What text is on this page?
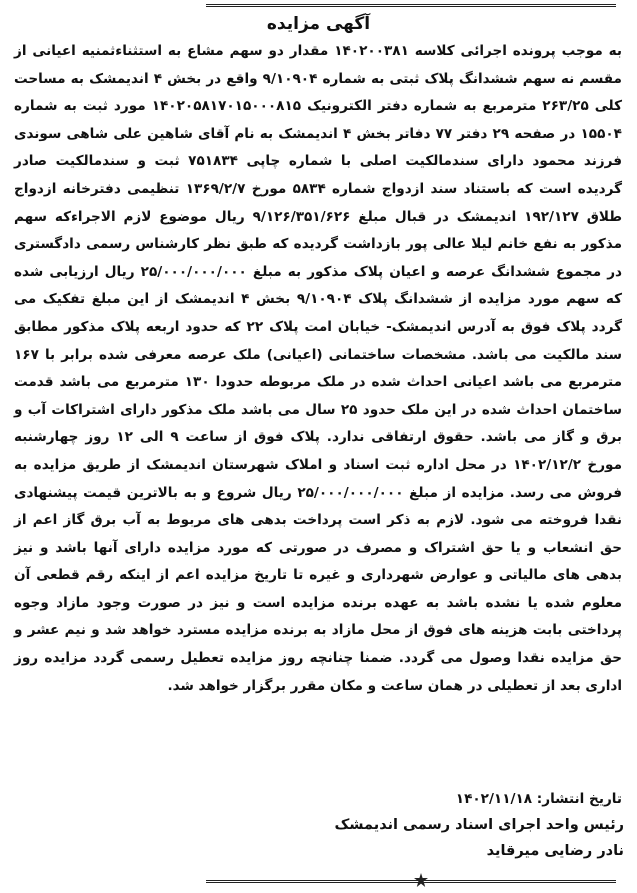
آگهی مزایده

به موجب پرونده اجرائی کلاسه ۱۴۰۲۰۰۳۸۱ مقدار دو سهم مشاع به استثناءثمنیه اعیانی از مقسم نه سهم ششدانگ پلاک ثبتی به شماره ۹/۱۰۹۰۴ واقع در بخش ۴ اندیمشک به مساحت کلی ۲۶۳/۲۵ مترمربع به شماره دفتر الکترونیک ۱۴۰۲۰۵۸۱۷۰۱۵۰۰۰۸۱۵ مورد ثبت به شماره ۱۵۵۰۴ در صفحه ۲۹ دفتر ۷۷ دفاتر بخش ۴ اندیمشک به نام آقای شاهین علی شاهی سوندی فرزند محمود دارای سندمالکیت اصلی با شماره چاپی ۷۵۱۸۳۴ ثبت و سندمالکیت صادر گردیده است که باستناد سند ازدواج شماره ۵۸۳۴ مورخ ۱۳۶۹/۲/۷ تنظیمی دفترخانه ازدواج طلاق ۱۹۲/۱۲۷ اندیمشک در قبال مبلغ ۹/۱۲۶/۳۵۱/۶۲۶ ریال موضوع لازم الاجراءکه سهم مذکور به نفع خانم لیلا عالی پور بازداشت گردیده که طبق نظر کارشناس رسمی دادگستری در مجموع ششدانگ عرصه و اعیان پلاک مذکور به مبلغ ۲۵/۰۰۰/۰۰۰/۰۰۰ ریال ارزیابی شده که سهم مورد مزایده از ششدانگ پلاک ۹/۱۰۹۰۴ بخش ۴ اندیمشک از این مبلغ تفکیک می گردد پلاک فوق به آدرس اندیمشک- خیابان امت پلاک ۲۲ که حدود اربعه پلاک مذکور مطابق سند مالکیت می باشد. مشخصات ساختمانی (اعیانی) ملک عرصه معرفی شده برابر با ۱۶۷ مترمربع می باشد اعیانی احداث شده در ملک مربوطه حدودا ۱۳۰ مترمربع می باشد قدمت ساختمان احداث شده در این ملک حدود ۲۵ سال می باشد ملک مذکور دارای اشتراکات آب و برق و گاز می باشد. حقوق ارتفاقی ندارد. پلاک فوق از ساعت ۹ الی ۱۲ روز چهارشنبه مورخ ۱۴۰۲/۱۲/۲ در محل اداره ثبت اسناد و املاک شهرستان اندیمشک از طریق مزایده به فروش می رسد. مزایده از مبلغ ۲۵/۰۰۰/۰۰۰/۰۰۰ ریال شروع و به بالاترین قیمت پیشنهادی نقدا فروخته می شود. لازم به ذکر است پرداخت بدهی های مربوط به آب برق گاز اعم از حق انشعاب و یا حق اشتراک و مصرف در صورتی که مورد مزایده دارای آنها باشد و نیز بدهی های مالیاتی و عوارض شهرداری و غیره تا تاریخ مزایده اعم از اینکه رقم قطعی آن معلوم شده یا نشده باشد به عهده برنده مزایده است و نیز در صورت وجود مازاد وجوه پرداختی بابت هزینه های فوق از محل مازاد به برنده مزایده مسترد خواهد شد و نیم عشر و حق مزایده نقدا وصول می گردد. ضمنا چنانچه روز مزایده تعطیل رسمی گردد مزایده روز اداری بعد از تعطیلی در همان ساعت و مکان مقرر برگزار خواهد شد.

تاریخ انتشار: ۱۴۰۲/۱۱/۱۸
رئیس واحد اجرای اسناد رسمی اندیمشک
نادر رضایی میرقاید
